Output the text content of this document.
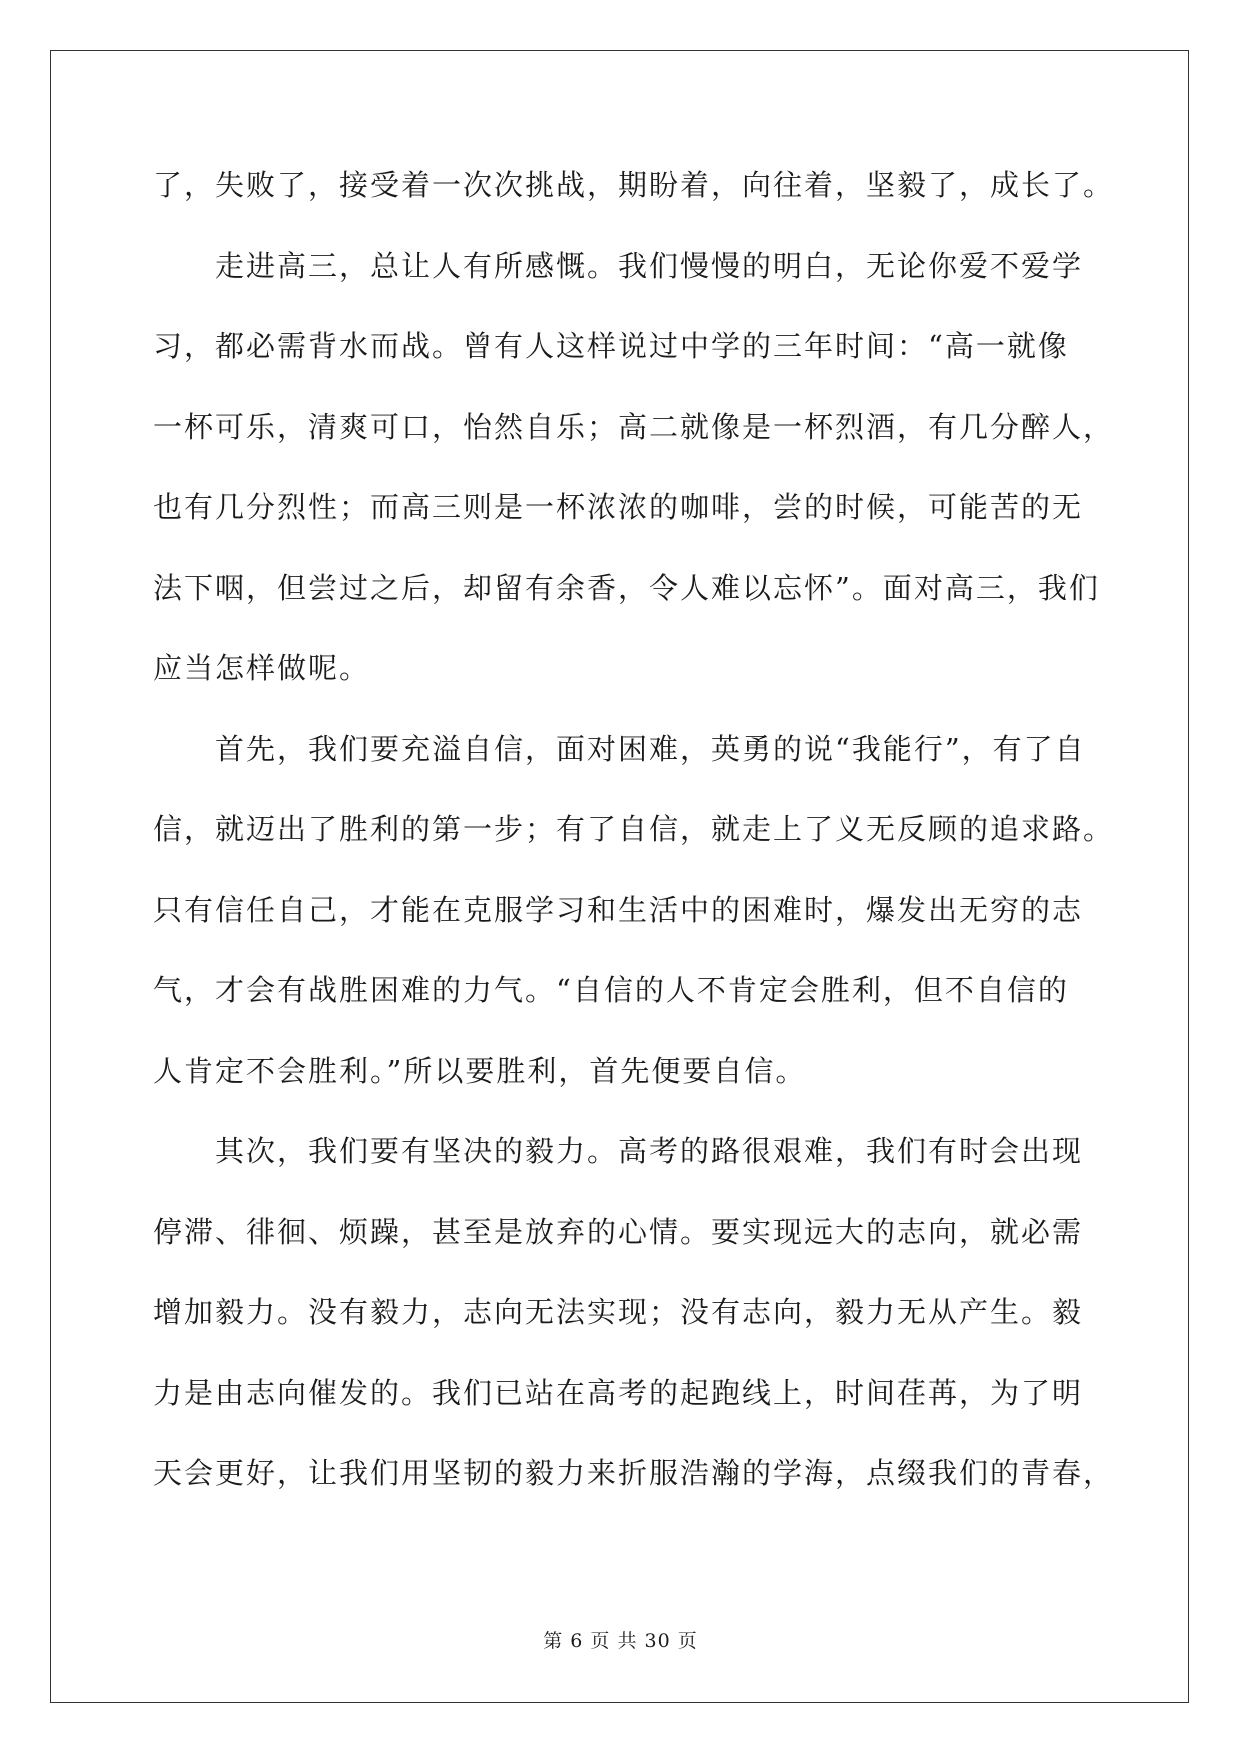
了，失败了，接受着一次次挑战，期盼着，向往着，坚毅了，成长了。
走进高三，总让人有所感慨。我们慢慢的明白，无论你爱不爱学
习，都必需背水而战。曾有人这样说过中学的三年时间：“高一就像
一杯可乐，清爽可口，怡然自乐；高二就像是一杯烈酒，有几分醉人，
也有几分烈性；而高三则是一杯浓浓的咖啡，尝的时候，可能苦的无
法下咽，但尝过之后，却留有余香，令人难以忘怀”。面对高三，我们
应当怎样做呢。
首先，我们要充溢自信，面对困难，英勇的说“我能行”，有了自
信，就迈出了胜利的第一步；有了自信，就走上了义无反顾的追求路。
只有信任自己，才能在克服学习和生活中的困难时，爆发出无穷的志
气，才会有战胜困难的力气。“自信的人不肯定会胜利，但不自信的
人肯定不会胜利。”所以要胜利，首先便要自信。
其次，我们要有坚决的毅力。高考的路很艰难，我们有时会出现
停滞、徘徊、烦躁，甚至是放弃的心情。要实现远大的志向，就必需
增加毅力。没有毅力，志向无法实现；没有志向，毅力无从产生。毅
力是由志向催发的。我们已站在高考的起跑线上，时间荏苒，为了明
天会更好，让我们用坚韧的毅力来折服浩瀚的学海，点缀我们的青春，
第 6 页 共 30 页
